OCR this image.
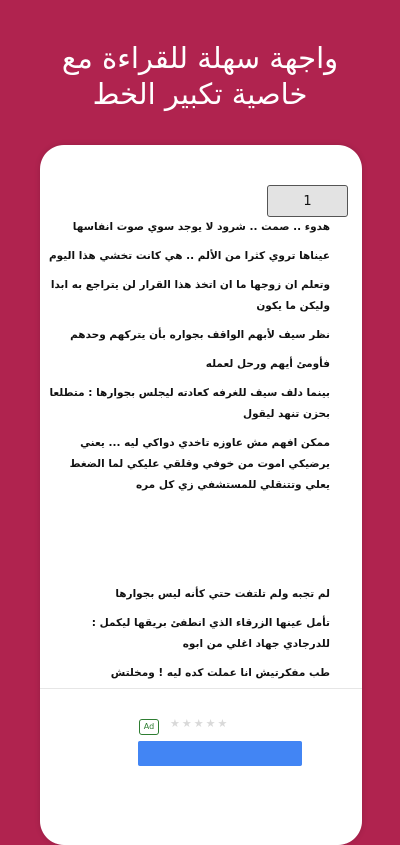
واجهة سهلة للقراءة مع
خاصية تكبير الخط
1

هدوء .. صمت .. شرود لا يوجد سوي صوت انفاسها

عيناها تروي كثرا من الألم .. هي كانت تخشي هذا اليوم

وتعلم ان زوجها ما ان اتخذ هذا القرار لن يتراجع به ابدا وليكن ما يكون

نظر سيف لأبهم الواقف بجواره بأن يتركهم وحدهم

فأومئ أيهم ورحل لعمله

بينما دلف سيف للغرفه كعادته ليجلس بجوارها : متطلعا بحزن تنهد ليقول

ممكن افهم مش عاوزه تاخدي دواكي ليه ... يعني يرضيكي اموت من خوفي وقلقي عليكي لما الضغط يعلي وتتنقلي للمستشفي زي كل مره

لم تجبه ولم تلتفت حتي كأنه ليس بجوارها

تأمل عينها الزرقاء الذي انطفئ بريقها ليكمل : للدرجادي جهاد اغلي من ابوه

طب مفكرتيش انا عملت كده ليه ! ومخلتش

Ad	★★★★★
